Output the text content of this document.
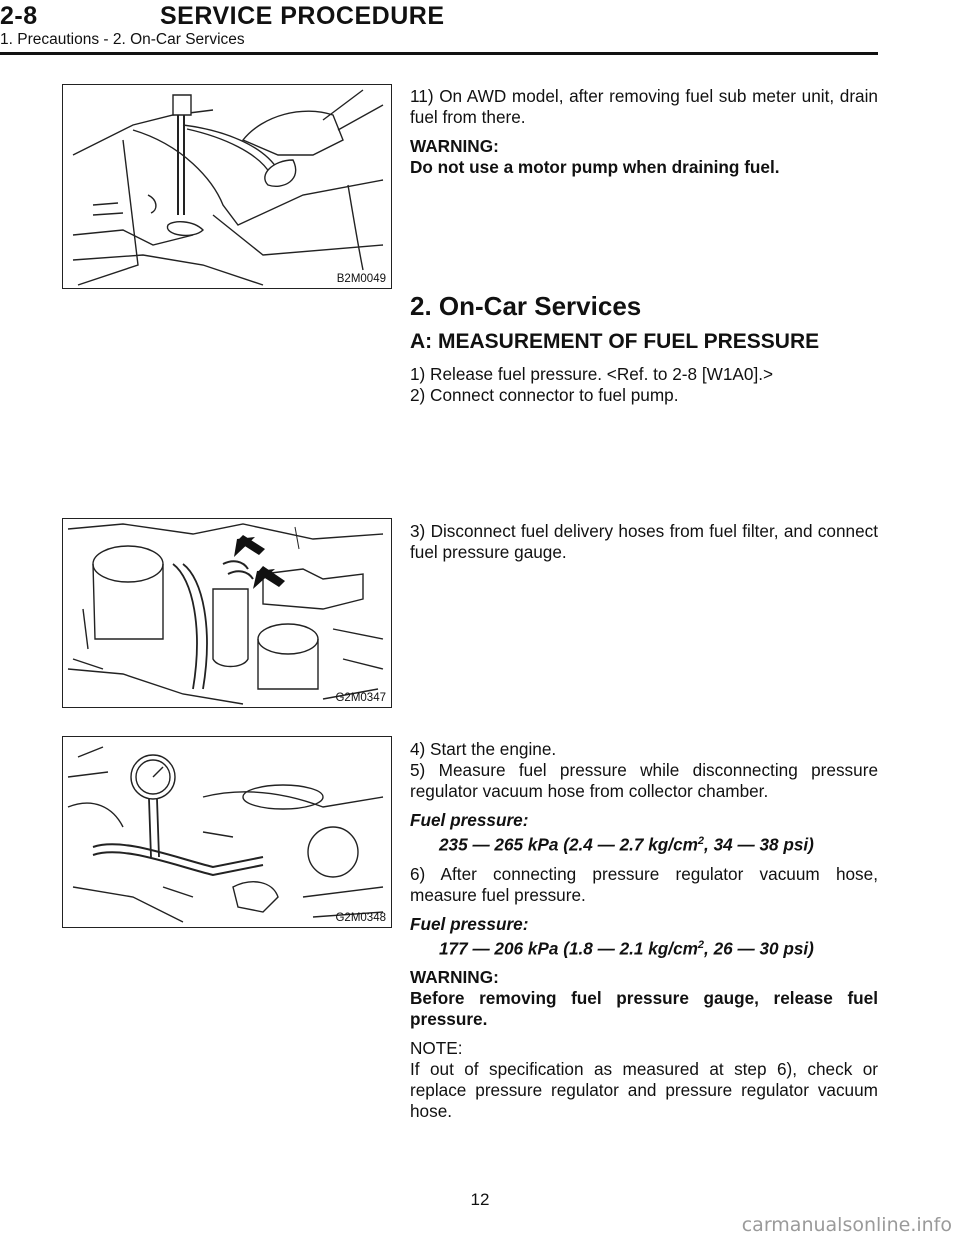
2-8	SERVICE PROCEDURE
1. Precautions - 2. On-Car Services
B2M0049

11) On AWD model, after removing fuel sub meter unit, drain fuel from there.

WARNING:

Do not use a motor pump when draining fuel.

2. On-Car Services
A: MEASUREMENT OF FUEL PRESSURE

1) Release fuel pressure. <Ref. to 2-8 [W1A0].>

2) Connect connector to fuel pump.

G2M0347

3) Disconnect fuel delivery hoses from fuel filter, and connect fuel pressure gauge.

G2M0348

4) Start the engine.

5) Measure fuel pressure while disconnecting pressure regulator vacuum hose from collector chamber.

Fuel pressure:

235 — 265 kPa (2.4 — 2.7 $kg/cm^2$, 34 — 38 psi)

6) After connecting pressure regulator vacuum hose, measure fuel pressure.

Fuel pressure:

177 — 206 kPa (1.8 — 2.1 $kg/cm^2$, 26 — 30 psi)

WARNING:

Before removing fuel pressure gauge, release fuel pressure.

NOTE:

If out of specification as measured at step 6), check or replace pressure regulator and pressure regulator vacuum hose.

12
carmanualsonline.info
